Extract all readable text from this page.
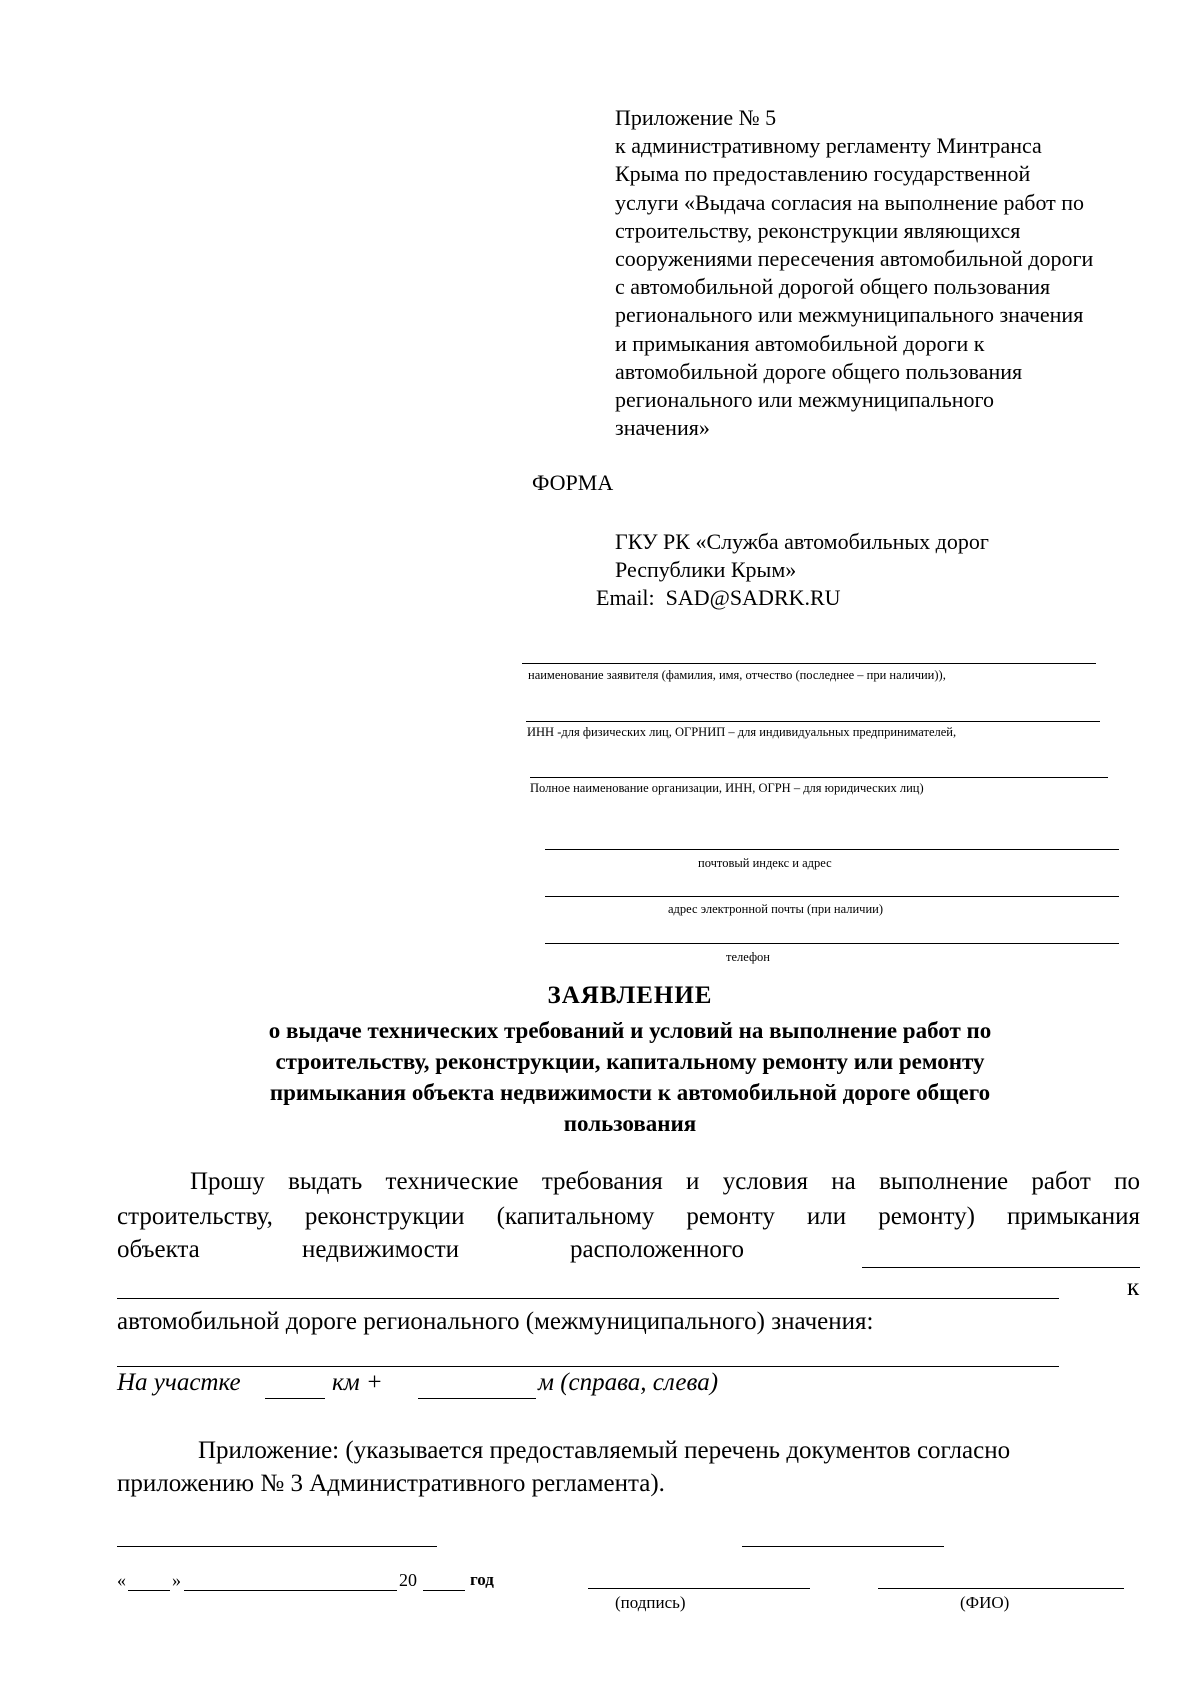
Приложение № 5
к административному регламенту Минтранса
Крыма по предоставлению государственной
услуги «Выдача согласия на выполнение работ по
строительству, реконструкции являющихся
сооружениями пересечения автомобильной дороги
с автомобильной дорогой общего пользования
регионального или межмуниципального значения
и примыкания автомобильной дороги к
автомобильной дороге общего пользования
регионального или межмуниципального
значения»
ФОРМА
ГКУ РК «Служба автомобильных дорог
Республики Крым»
Email: SAD@SADRK.RU
наименование заявителя (фамилия, имя, отчество (последнее – при наличии)),
ИНН -для физических лиц, ОГРНИП – для индивидуальных предпринимателей,
Полное наименование организации, ИНН, ОГРН – для юридических лиц)
почтовый индекс и адрес
адрес электронной почты (при наличии)
телефон
ЗАЯВЛЕНИЕ
о выдаче технических требований и условий на выполнение работ по
строительству, реконструкции, капитальному ремонту или ремонту
примыкания объекта недвижимости к автомобильной дороге общего
пользования
Прошу выдать технические требования и условия на выполнение работ по
строительству, реконструкции (капитальному ремонту или ремонту) примыкания
объекта	недвижимости	расположенного
к
автомобильной дороге регионального (межмуниципального) значения:
На участке	км +	м (справа, слева)
Приложение: (указывается предоставляемый перечень документов согласно
приложению № 3 Административного регламента).
«	»	20	год
(подпись)	(ФИО)
